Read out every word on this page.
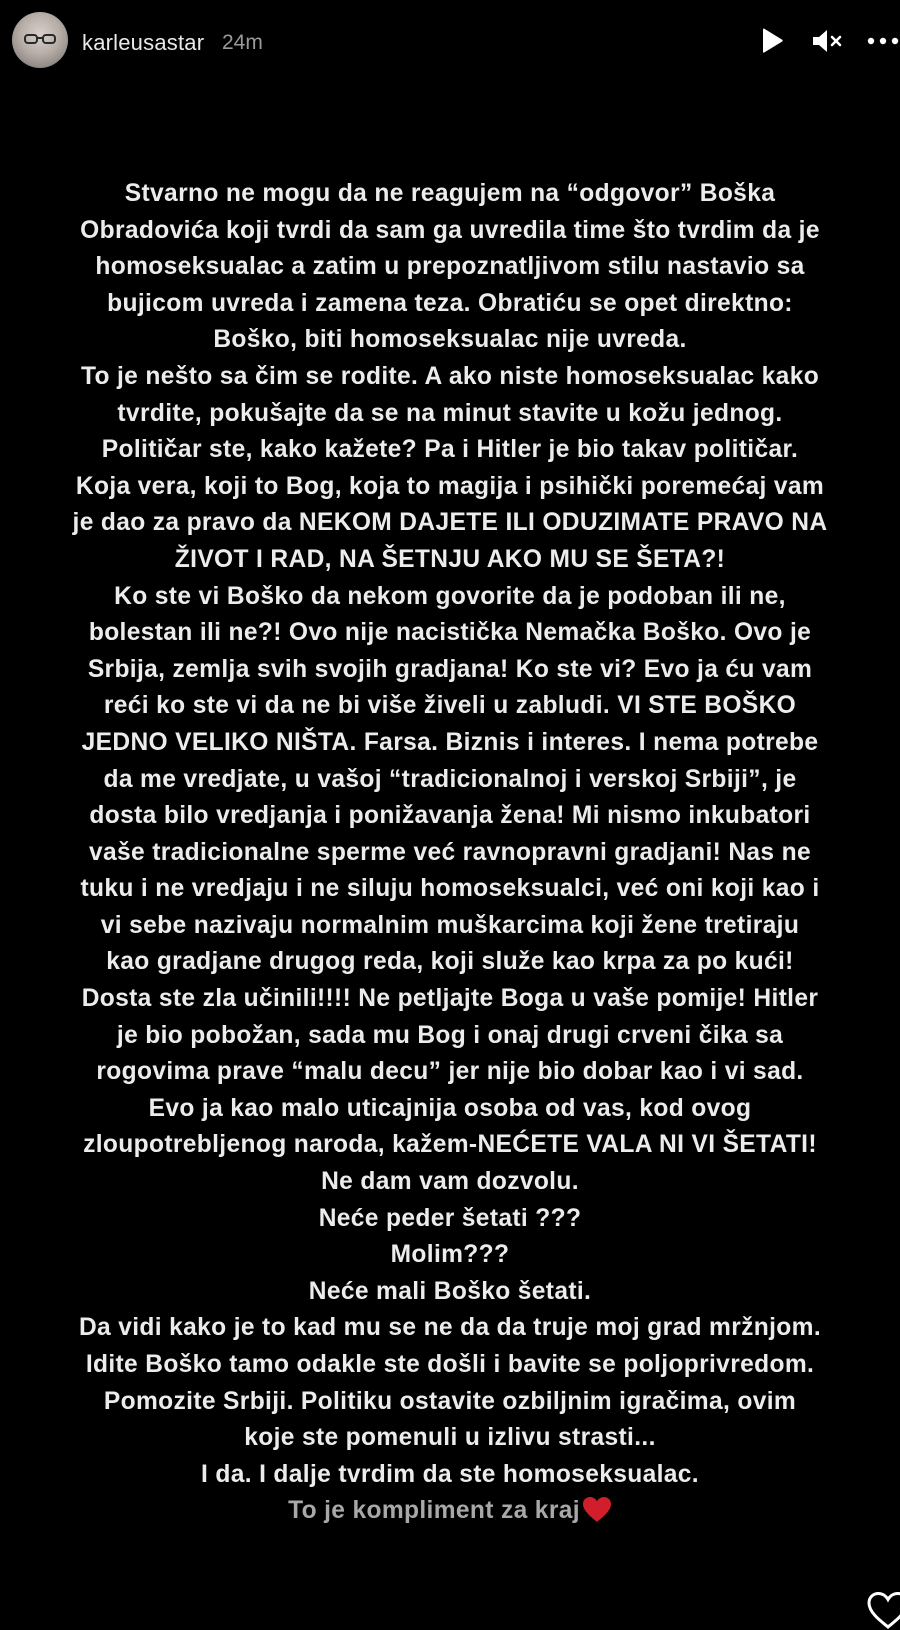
karleusastar 24m
Stvarno ne mogu da ne reagujem na “odgovor” Boška
Obradovića koji tvrdi da sam ga uvredila time što tvrdim da je
homoseksualac a zatim u prepoznatljivom stilu nastavio sa
bujicom uvreda i zamena teza. Obratiću se opet direktno:
Boško, biti homoseksualac nije uvreda.
To je nešto sa čim se rodite. A ako niste homoseksualac kako
tvrdite, pokušajte da se na minut stavite u kožu jednog.
Političar ste, kako kažete? Pa i Hitler je bio takav političar.
Koja vera, koji to Bog, koja to magija i psihički poremećaj vam
je dao za pravo da NEKOM DAJETE ILI ODUZIMATE PRAVO NA
ŽIVOT I RAD, NA ŠETNJU AKO MU SE ŠETA?!
Ko ste vi Boško da nekom govorite da je podoban ili ne,
bolestan ili ne?! Ovo nije nacistička Nemačka Boško. Ovo je
Srbija, zemlja svih svojih gradjana! Ko ste vi? Evo ja ću vam
reći ko ste vi da ne bi više živeli u zabludi. VI STE BOŠKO
JEDNO VELIKO NIŠTA. Farsa. Biznis i interes. I nema potrebe
da me vredjate, u vašoj “tradicionalnoj i verskoj Srbiji”, je
dosta bilo vredjanja i ponižavanja žena! Mi nismo inkubatori
vaše tradicionalne sperme već ravnopravni gradjani! Nas ne
tuku i ne vredjaju i ne siluju homoseksualci, već oni koji kao i
vi sebe nazivaju normalnim muškarcima koji žene tretiraju
kao gradjane drugog reda, koji služe kao krpa za po kući!
Dosta ste zla učinili!!!! Ne petljajte Boga u vaše pomije! Hitler
je bio pobožan, sada mu Bog i onaj drugi crveni čika sa
rogovima prave “malu decu” jer nije bio dobar kao i vi sad.
Evo ja kao malo uticajnija osoba od vas, kod ovog
zloupotrebljenog naroda, kažem-NEĆETE VALA NI VI ŠETATI!
Ne dam vam dozvolu.
Neće peder šetati ???
Molim???
Neće mali Boško šetati.
Da vidi kako je to kad mu se ne da da truje moj grad mržnjom.
Idite Boško tamo odakle ste došli i bavite se poljoprivredom.
Pomozite Srbiji. Politiku ostavite ozbiljnim igračima, ovim
koje ste pomenuli u izlivu strasti...
I da. I dalje tvrdim da ste homoseksualac.
To je kompliment za kraj
